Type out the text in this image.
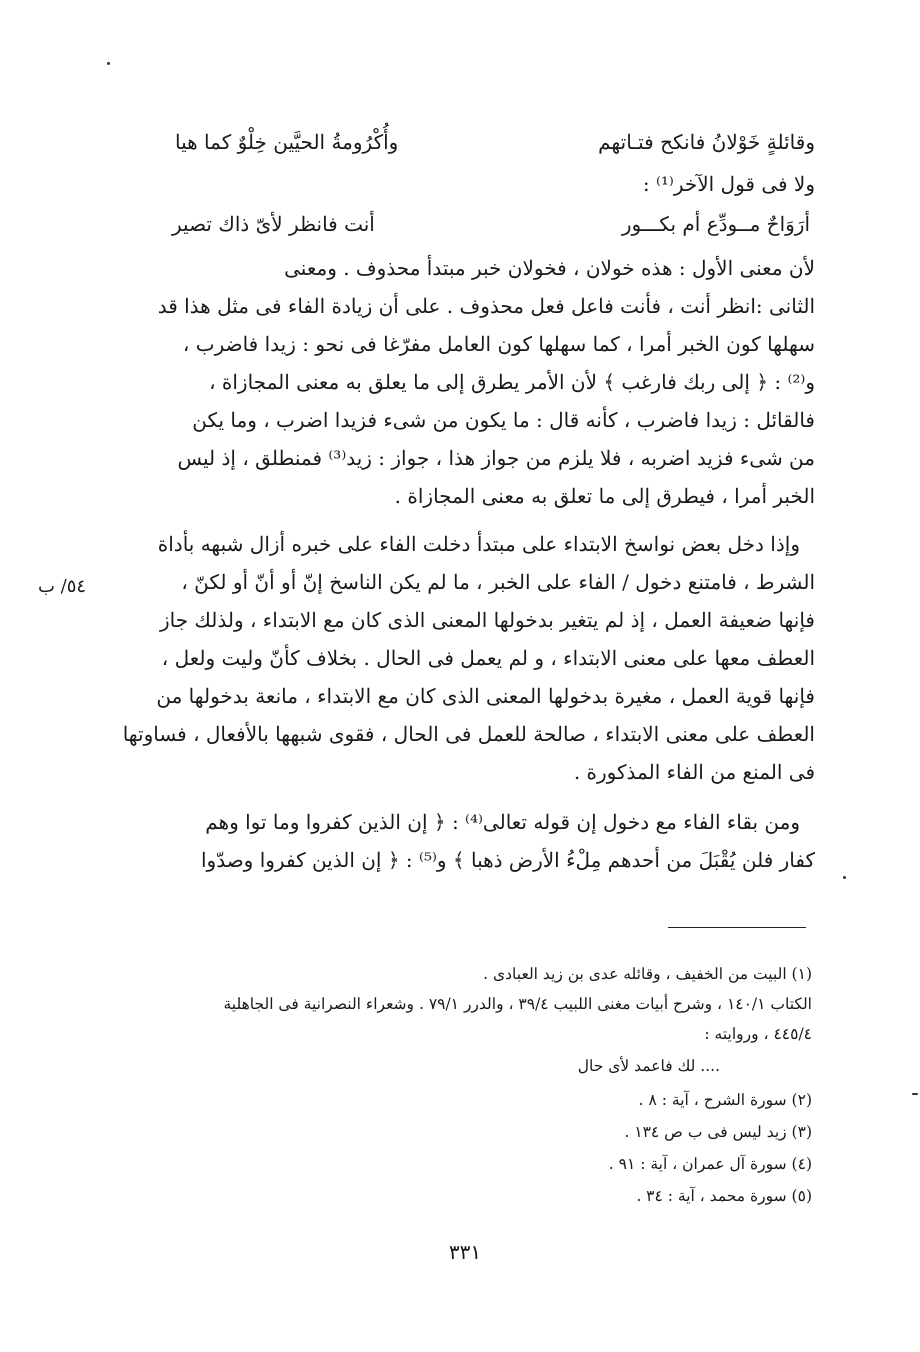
وقائلةٍ خَوْلانُ فانكح فتـاتهم
وأُكْرُومةُ الحيَّين خِلْوٌ كما هيا
ولا فى قول الآخر⁽¹⁾ :
أرَوَاحٌ مــودِّع أم بكـــور
أنت فانظر لأىّ ذاك تصير
لأن معنى الأول : هذه خولان ، فخولان خبر مبتدأ محذوف . ومعنى
الثانى :انظر أنت ، فأنت فاعل فعل محذوف . على أن زيادة الفاء فى مثل هذا قد
سهلها كون الخبر أمرا ، كما سهلها كون العامل مفرّغا فى نحو : زيدا فاضرب ،
و⁽²⁾ : ﴿ إلى ربك فارغب ﴾ لأن الأمر يطرق إلى ما يعلق به معنى المجازاة ،
فالقائل : زيدا فاضرب ، كأنه قال : ما يكون من شىء فزيدا اضرب ، وما يكن
من شىء فزيد اضربه ، فلا يلزم من جواز هذا ، جواز : زيد⁽³⁾ فمنطلق ، إذ ليس
الخبر أمرا ، فيطرق إلى ما تعلق به معنى المجازاة .
وإذا دخل بعض نواسخ الابتداء على مبتدأ دخلت الفاء على خبره أزال شبهه بأداة
الشرط ، فامتنع دخول / الفاء على الخبر ، ما لم يكن الناسخ إنّ أو أنّ أو لكنّ ،
فإنها ضعيفة العمل ، إذ لم يتغير بدخولها المعنى الذى كان مع الابتداء ، ولذلك جاز
العطف معها على معنى الابتداء ، و لم يعمل فى الحال . بخلاف كأنّ وليت ولعل ،
فإنها قوية العمل ، مغيرة بدخولها المعنى الذى كان مع الابتداء ، مانعة بدخولها من
العطف على معنى الابتداء ، صالحة للعمل فى الحال ، فقوى شبهها بالأفعال ، فساوتها
فى المنع من الفاء المذكورة .
ومن بقاء الفاء مع دخول إن قوله تعالى⁽⁴⁾ : ﴿ إن الذين كفروا وما توا وهم
كفار فلن يُقْبَلَ من أحدهم مِلْءُ الأرض ذهبا ﴾ و⁽⁵⁾ : ﴿ إن الذين كفروا وصدّوا
٥٤/ ب
(١) البيت من الخفيف ، وقائله عدى بن زيد العبادى .
الكتاب ١٤٠/١ ، وشرح أبيات مغنى اللبيب ٣٩/٤ ، والدرر ٧٩/١ . وشعراء النصرانية فى الجاهلية
٤٤٥/٤ ، وروايته :
.... لك فاعمد لأى حال
(٢) سورة الشرح ، آية : ٨ .
(٣) زيد ليس فى ب ص ١٣٤ .
(٤) سورة آل عمران ، آية : ٩١ .
(٥) سورة محمد ، آية : ٣٤ .
٣٣١
